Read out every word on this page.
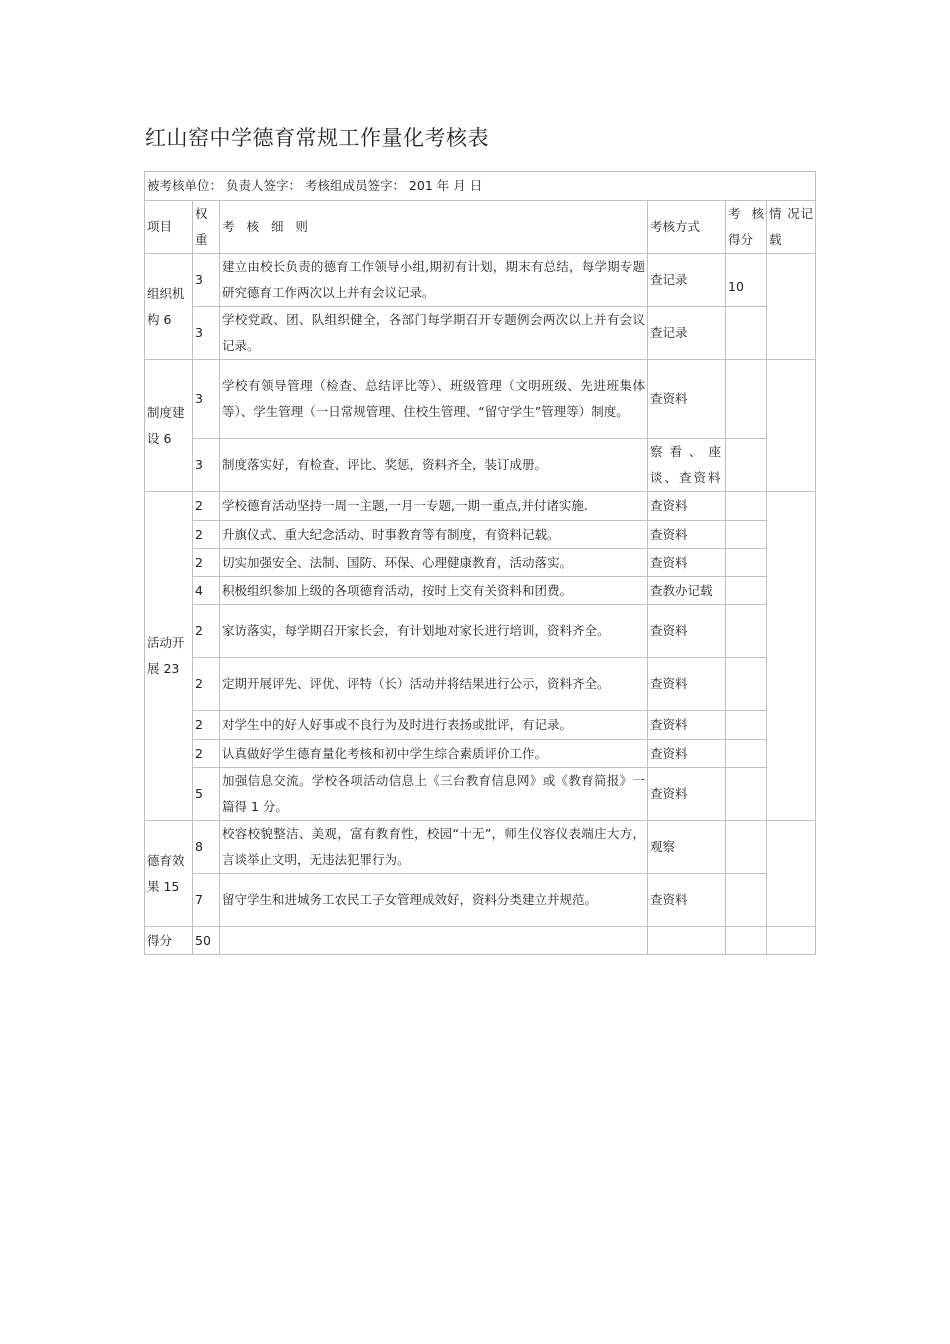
红山窑中学德育常规工作量化考核表
被考核单位： 负责人签字： 考核组成员签字： 201 年 月 日					
项目	权重	考 核 细 则	考核方式	考 核得分	情 况记 载
组织机构 6	3	建立由校长负责的德育工作领导小组,期初有计划，期末有总结，每学期专题研究德育工作两次以上并有会议记录。	查记录	10	
	3	学校党政、团、队组织健全，各部门每学期召开专题例会两次以上并有会议记录。	查记录		
制度建设 6	3	学校有领导管理（检查、总结评比等）、班级管理（文明班级、先进班集体等）、学生管理（一日常规管理、住校生管理、“留守学生”管理等）制度。	查资料		
	3	制度落实好，有检查、评比、奖惩，资料齐全，装订成册。	察看、座谈、查资料		
活动开展 23	2	学校德育活动坚持一周一主题,一月一专题,一期一重点,并付诸实施.	查资料		
	2	升旗仪式、重大纪念活动、时事教育等有制度，有资料记载。	查资料		
	2	切实加强安全、法制、国防、环保、心理健康教育，活动落实。	查资料		
	4	积极组织参加上级的各项德育活动，按时上交有关资料和团费。	查教办记载		
	2	家访落实，每学期召开家长会，有计划地对家长进行培训，资料齐全。	查资料		
	2	定期开展评先、评优、评特（长）活动并将结果进行公示，资料齐全。	查资料		
	2	对学生中的好人好事或不良行为及时进行表扬或批评，有记录。	查资料		
	2	认真做好学生德育量化考核和初中学生综合素质评价工作。	查资料		
	5	加强信息交流。学校各项活动信息上《三台教育信息网》或《教育简报》一篇得 1 分。	查资料		
德育效果 15	8	校容校貌整洁、美观，富有教育性，校园“十无”，师生仪容仪表端庄大方，言谈举止文明，无违法犯罪行为。	观察		
	7	留守学生和进城务工农民工子女管理成效好，资料分类建立并规范。	查资料		
得分	50				
